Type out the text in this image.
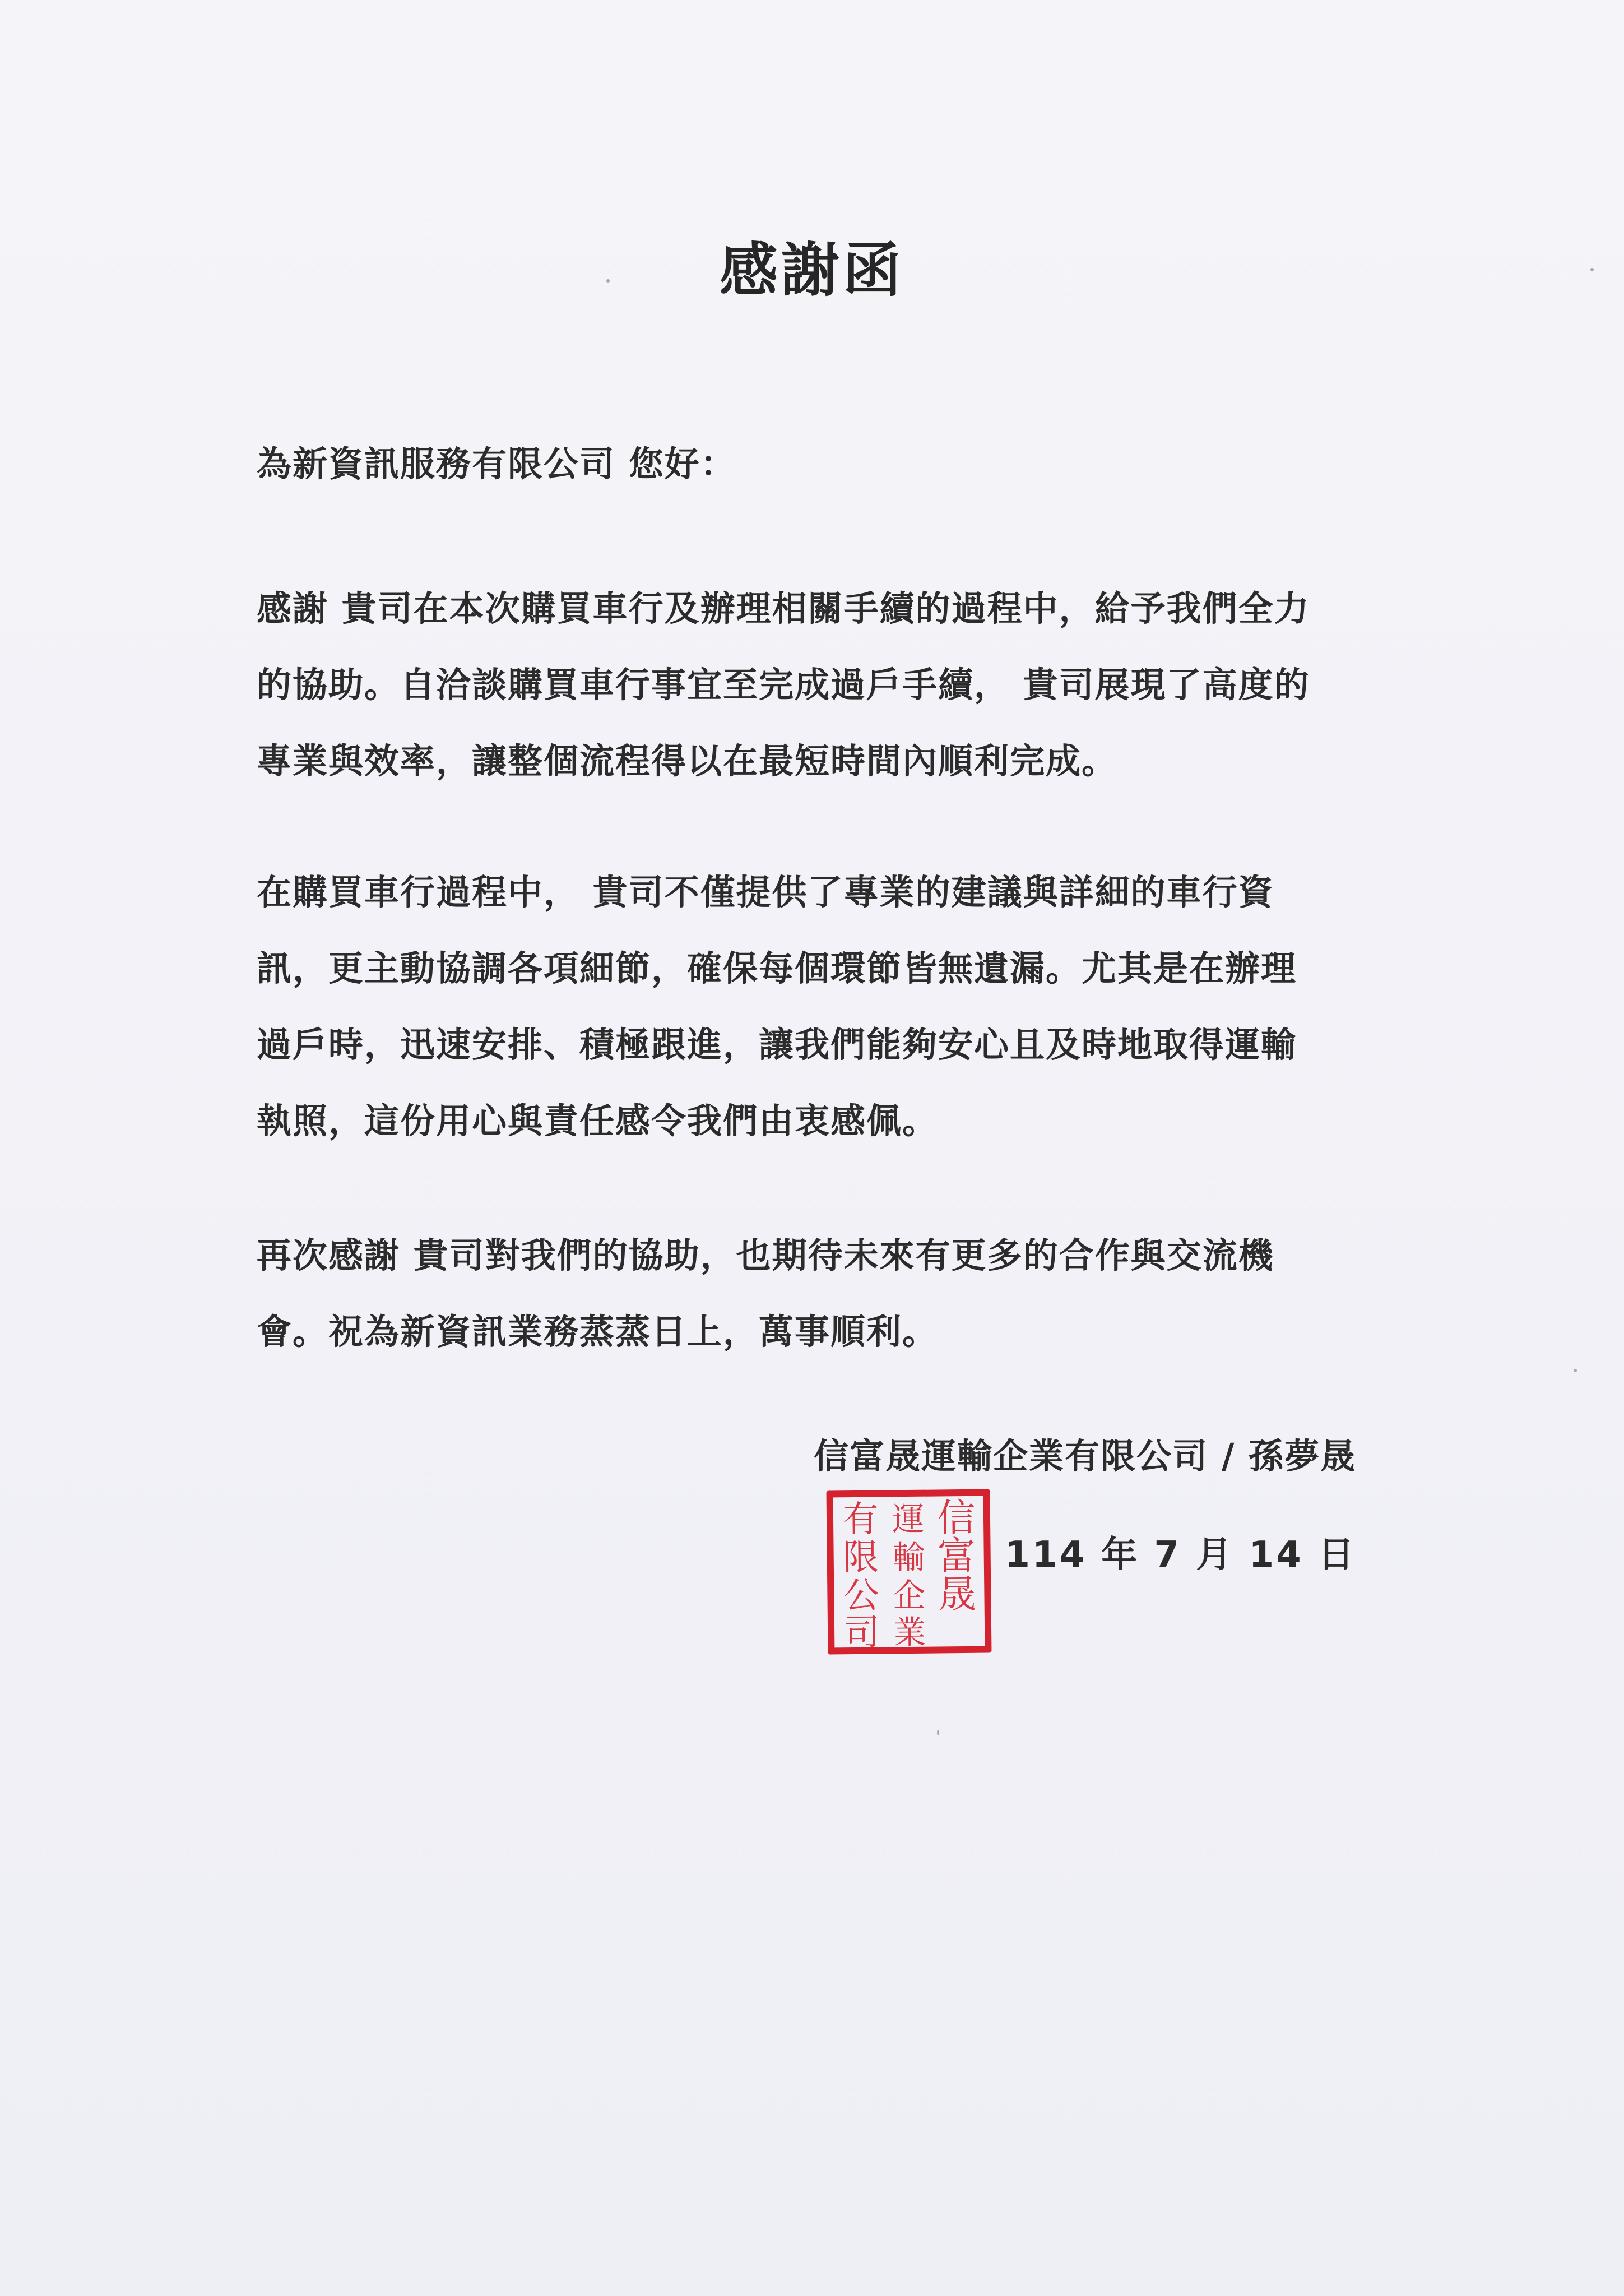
感謝函
為新資訊服務有限公司 您好：
感謝 貴司在本次購買車行及辦理相關手續的過程中，給予我們全力
的協助。自洽談購買車行事宜至完成過戶手續， 貴司展現了高度的
專業與效率，讓整個流程得以在最短時間內順利完成。
在購買車行過程中， 貴司不僅提供了專業的建議與詳細的車行資
訊，更主動協調各項細節，確保每個環節皆無遺漏。尤其是在辦理
過戶時，迅速安排、積極跟進，讓我們能夠安心且及時地取得運輸
執照，這份用心與責任感令我們由衷感佩。
再次感謝 貴司對我們的協助，也期待未來有更多的合作與交流機
會。祝為新資訊業務蒸蒸日上，萬事順利。
信富晟運輸企業有限公司 / 孫夢晟
信
富
晟
運
輸
企
業
有
限
公
司
114 年 7 月 14 日
